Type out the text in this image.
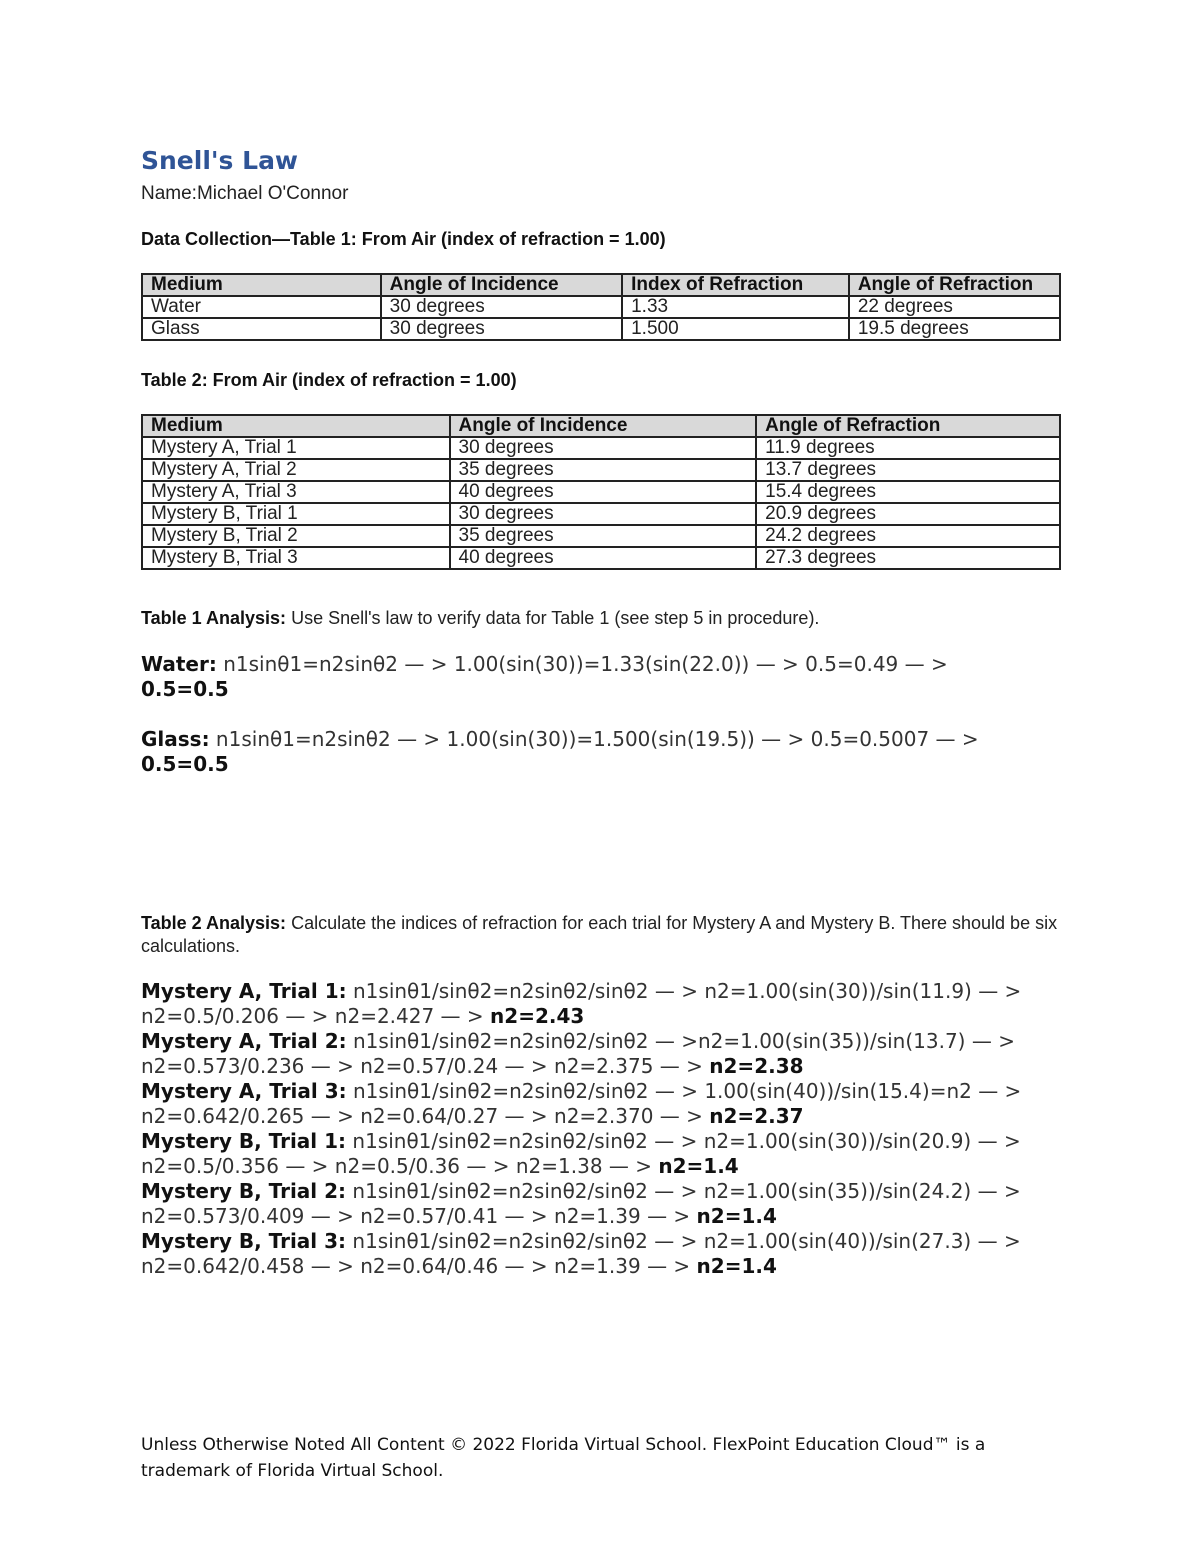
Snell's Law
Name:Michael O'Connor
Data Collection—Table 1: From Air (index of refraction = 1.00)
Medium	Angle of Incidence	Index of Refraction	Angle of Refraction
Water	30 degrees	1.33	22 degrees
Glass	30 degrees	1.500	19.5 degrees
Table 2: From Air (index of refraction = 1.00)
Medium	Angle of Incidence	Angle of Refraction
Mystery A, Trial 1	30 degrees	11.9 degrees
Mystery A, Trial 2	35 degrees	13.7 degrees
Mystery A, Trial 3	40 degrees	15.4 degrees
Mystery B, Trial 1	30 degrees	20.9 degrees
Mystery B, Trial 2	35 degrees	24.2 degrees
Mystery B, Trial 3	40 degrees	27.3 degrees
Table 1 Analysis: Use Snell's law to verify data for Table 1 (see step 5 in procedure).
Water: n1sinθ1=n2sinθ2 — > 1.00(sin(30))=1.33(sin(22.0)) — > 0.5=0.49 — > 0.5=0.5
Glass: n1sinθ1=n2sinθ2 — > 1.00(sin(30))=1.500(sin(19.5)) — > 0.5=0.5007 — > 0.5=0.5
Table 2 Analysis: Calculate the indices of refraction for each trial for Mystery A and Mystery B. There should be six calculations.
Mystery A, Trial 1: n1sinθ1/sinθ2=n2sinθ2/sinθ2 — > n2=1.00(sin(30))/sin(11.9) — > n2=0.5/0.206 — > n2=2.427 — > n2=2.43
Mystery A, Trial 2: n1sinθ1/sinθ2=n2sinθ2/sinθ2 — >n2=1.00(sin(35))/sin(13.7) — > n2=0.573/0.236 — > n2=0.57/0.24 — > n2=2.375 — > n2=2.38
Mystery A, Trial 3: n1sinθ1/sinθ2=n2sinθ2/sinθ2 — > 1.00(sin(40))/sin(15.4)=n2 — > n2=0.642/0.265 — > n2=0.64/0.27 — > n2=2.370 — > n2=2.37
Mystery B, Trial 1: n1sinθ1/sinθ2=n2sinθ2/sinθ2 — > n2=1.00(sin(30))/sin(20.9) — > n2=0.5/0.356 — > n2=0.5/0.36 — > n2=1.38 — > n2=1.4
Mystery B, Trial 2: n1sinθ1/sinθ2=n2sinθ2/sinθ2 — > n2=1.00(sin(35))/sin(24.2) — > n2=0.573/0.409 — > n2=0.57/0.41 — > n2=1.39 — > n2=1.4
Mystery B, Trial 3: n1sinθ1/sinθ2=n2sinθ2/sinθ2 — > n2=1.00(sin(40))/sin(27.3) — > n2=0.642/0.458 — > n2=0.64/0.46 — > n2=1.39 — > n2=1.4
Unless Otherwise Noted All Content © 2022 Florida Virtual School. FlexPoint Education Cloud™ is a trademark of Florida Virtual School.
